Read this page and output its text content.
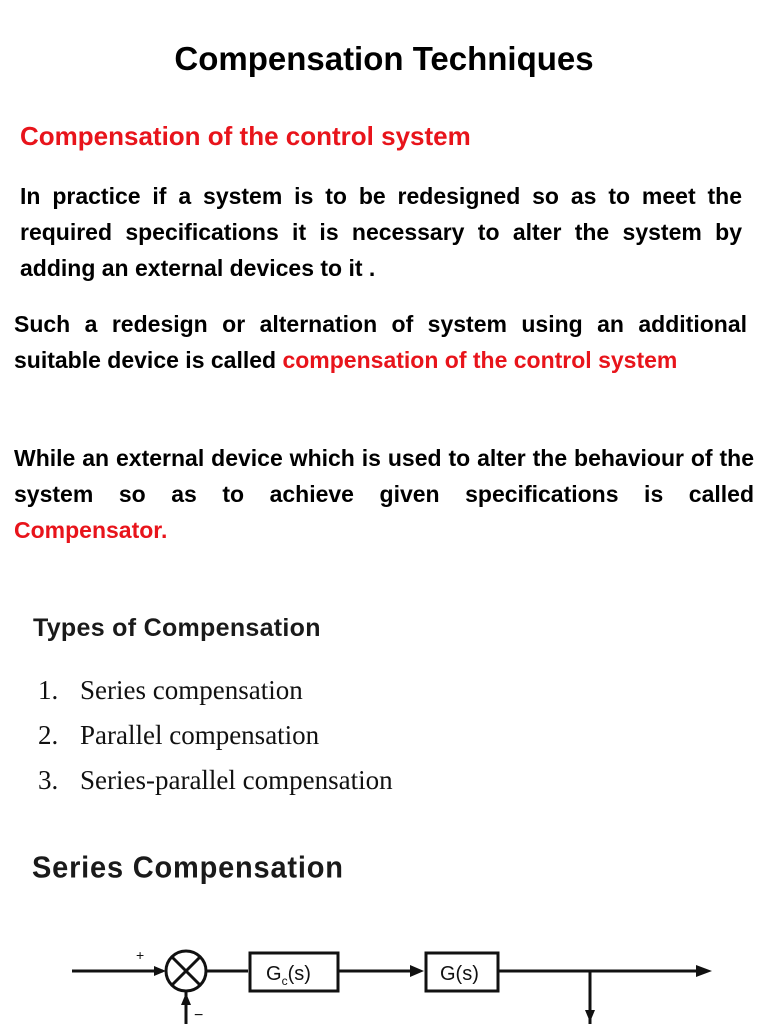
Compensation Techniques
Compensation of the control system

In practice if a system is to be redesigned so as to meet the required specifications it is necessary to alter the system by adding an external devices to it .

Such a redesign or alternation of system using an additional suitable device is called compensation of the control system

While an external device which is used to alter the behaviour of the system so as to achieve given specifications is called Compensator.

Types of Compensation
1. Series compensation
2. Parallel compensation
3. Series-parallel compensation
Series Compensation
+
−
$G_c(s)$	G(s)
